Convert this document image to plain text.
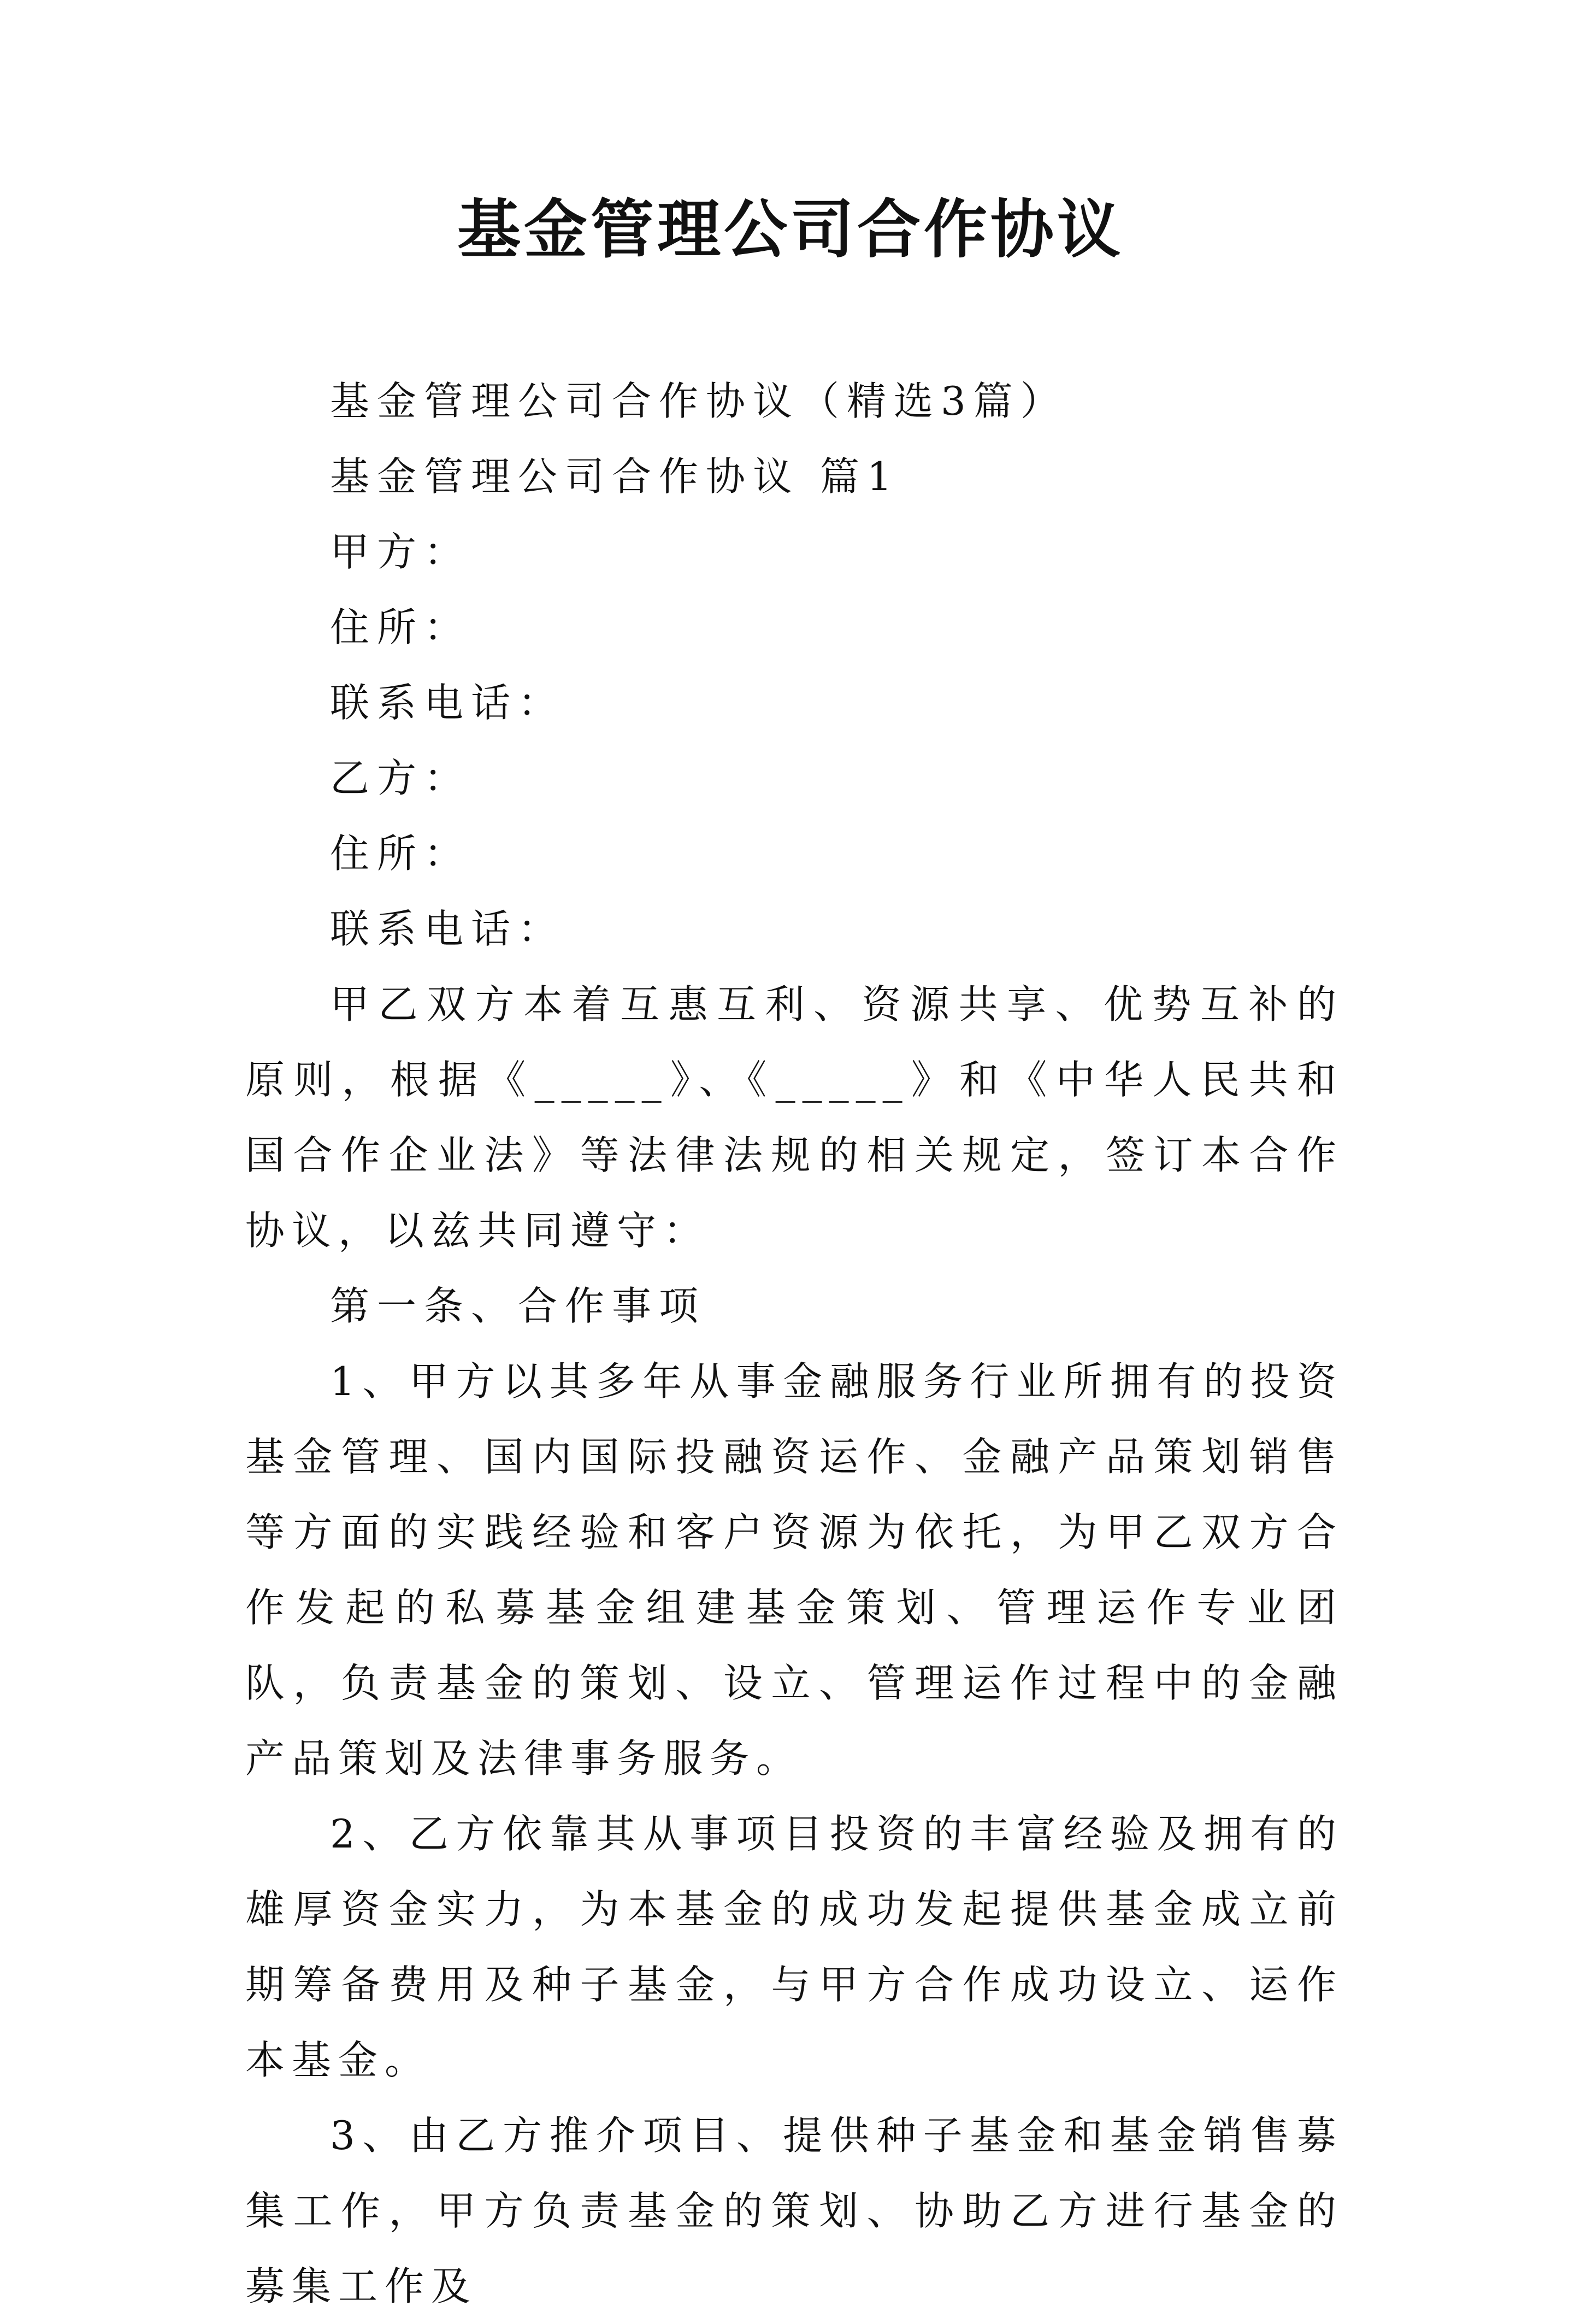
基金管理公司合作协议
基金管理公司合作协议（精选3篇）
基金管理公司合作协议 篇1
甲方：
住所：
联系电话：
乙方：
住所：
联系电话：
甲乙双方本着互惠互利、资源共享、优势互补的原则，根据《_____》、《_____》和《中华人民共和国合作企业法》等法律法规的相关规定，签订本合作协议，以兹共同遵守：
第一条、合作事项
1、甲方以其多年从事金融服务行业所拥有的投资基金管理、国内国际投融资运作、金融产品策划销售等方面的实践经验和客户资源为依托，为甲乙双方合作发起的私募基金组建基金策划、管理运作专业团队，负责基金的策划、设立、管理运作过程中的金融产品策划及法律事务服务。
2、乙方依靠其从事项目投资的丰富经验及拥有的雄厚资金实力，为本基金的成功发起提供基金成立前期筹备费用及种子基金，与甲方合作成功设立、运作本基金。
3、由乙方推介项目、提供种子基金和基金销售募集工作，甲方负责基金的策划、协助乙方进行基金的募集工作及
